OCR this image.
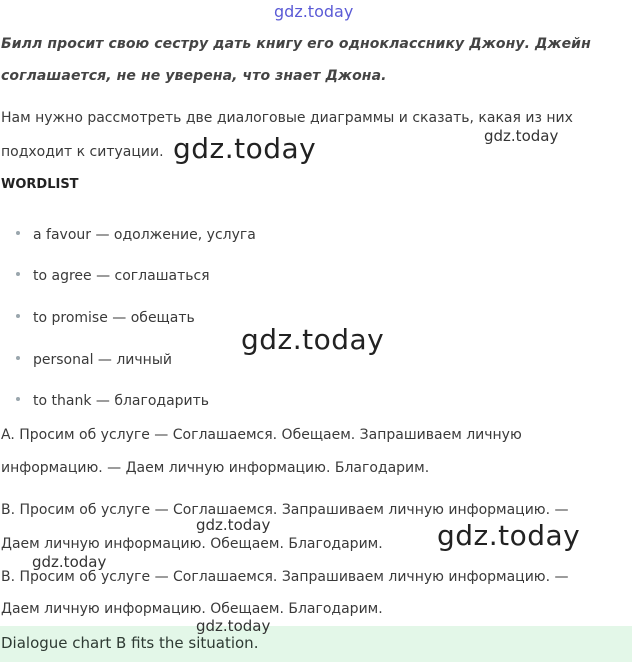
gdz.today

Билл просит свою сестру дать книгу его однокласснику Джону. Джейн

соглашается, не не уверена, что знает Джона.

Нам нужно рассмотреть две диалоговые диаграммы и сказать, какая из них

подходит к ситуации.

gdz.today
gdz.today

WORDLIST

a favour — одолжение, услуга
to agree — соглашаться
to promise — обещать
personal — личный
to thank — благодарить
gdz.today

A. Просим об услуге — Соглашаемся. Обещаем. Запрашиваем личную

информацию. — Даем личную информацию. Благодарим.

B. Просим об услуге — Соглашаемся. Запрашиваем личную информацию. —

Даем личную информацию. Обещаем. Благодарим.

gdz.today	gdz.today
gdz.today

B. Просим об услуге — Соглашаемся. Запрашиваем личную информацию. —

Даем личную информацию. Обещаем. Благодарим.

gdz.today
Dialogue chart B fits the situation.
